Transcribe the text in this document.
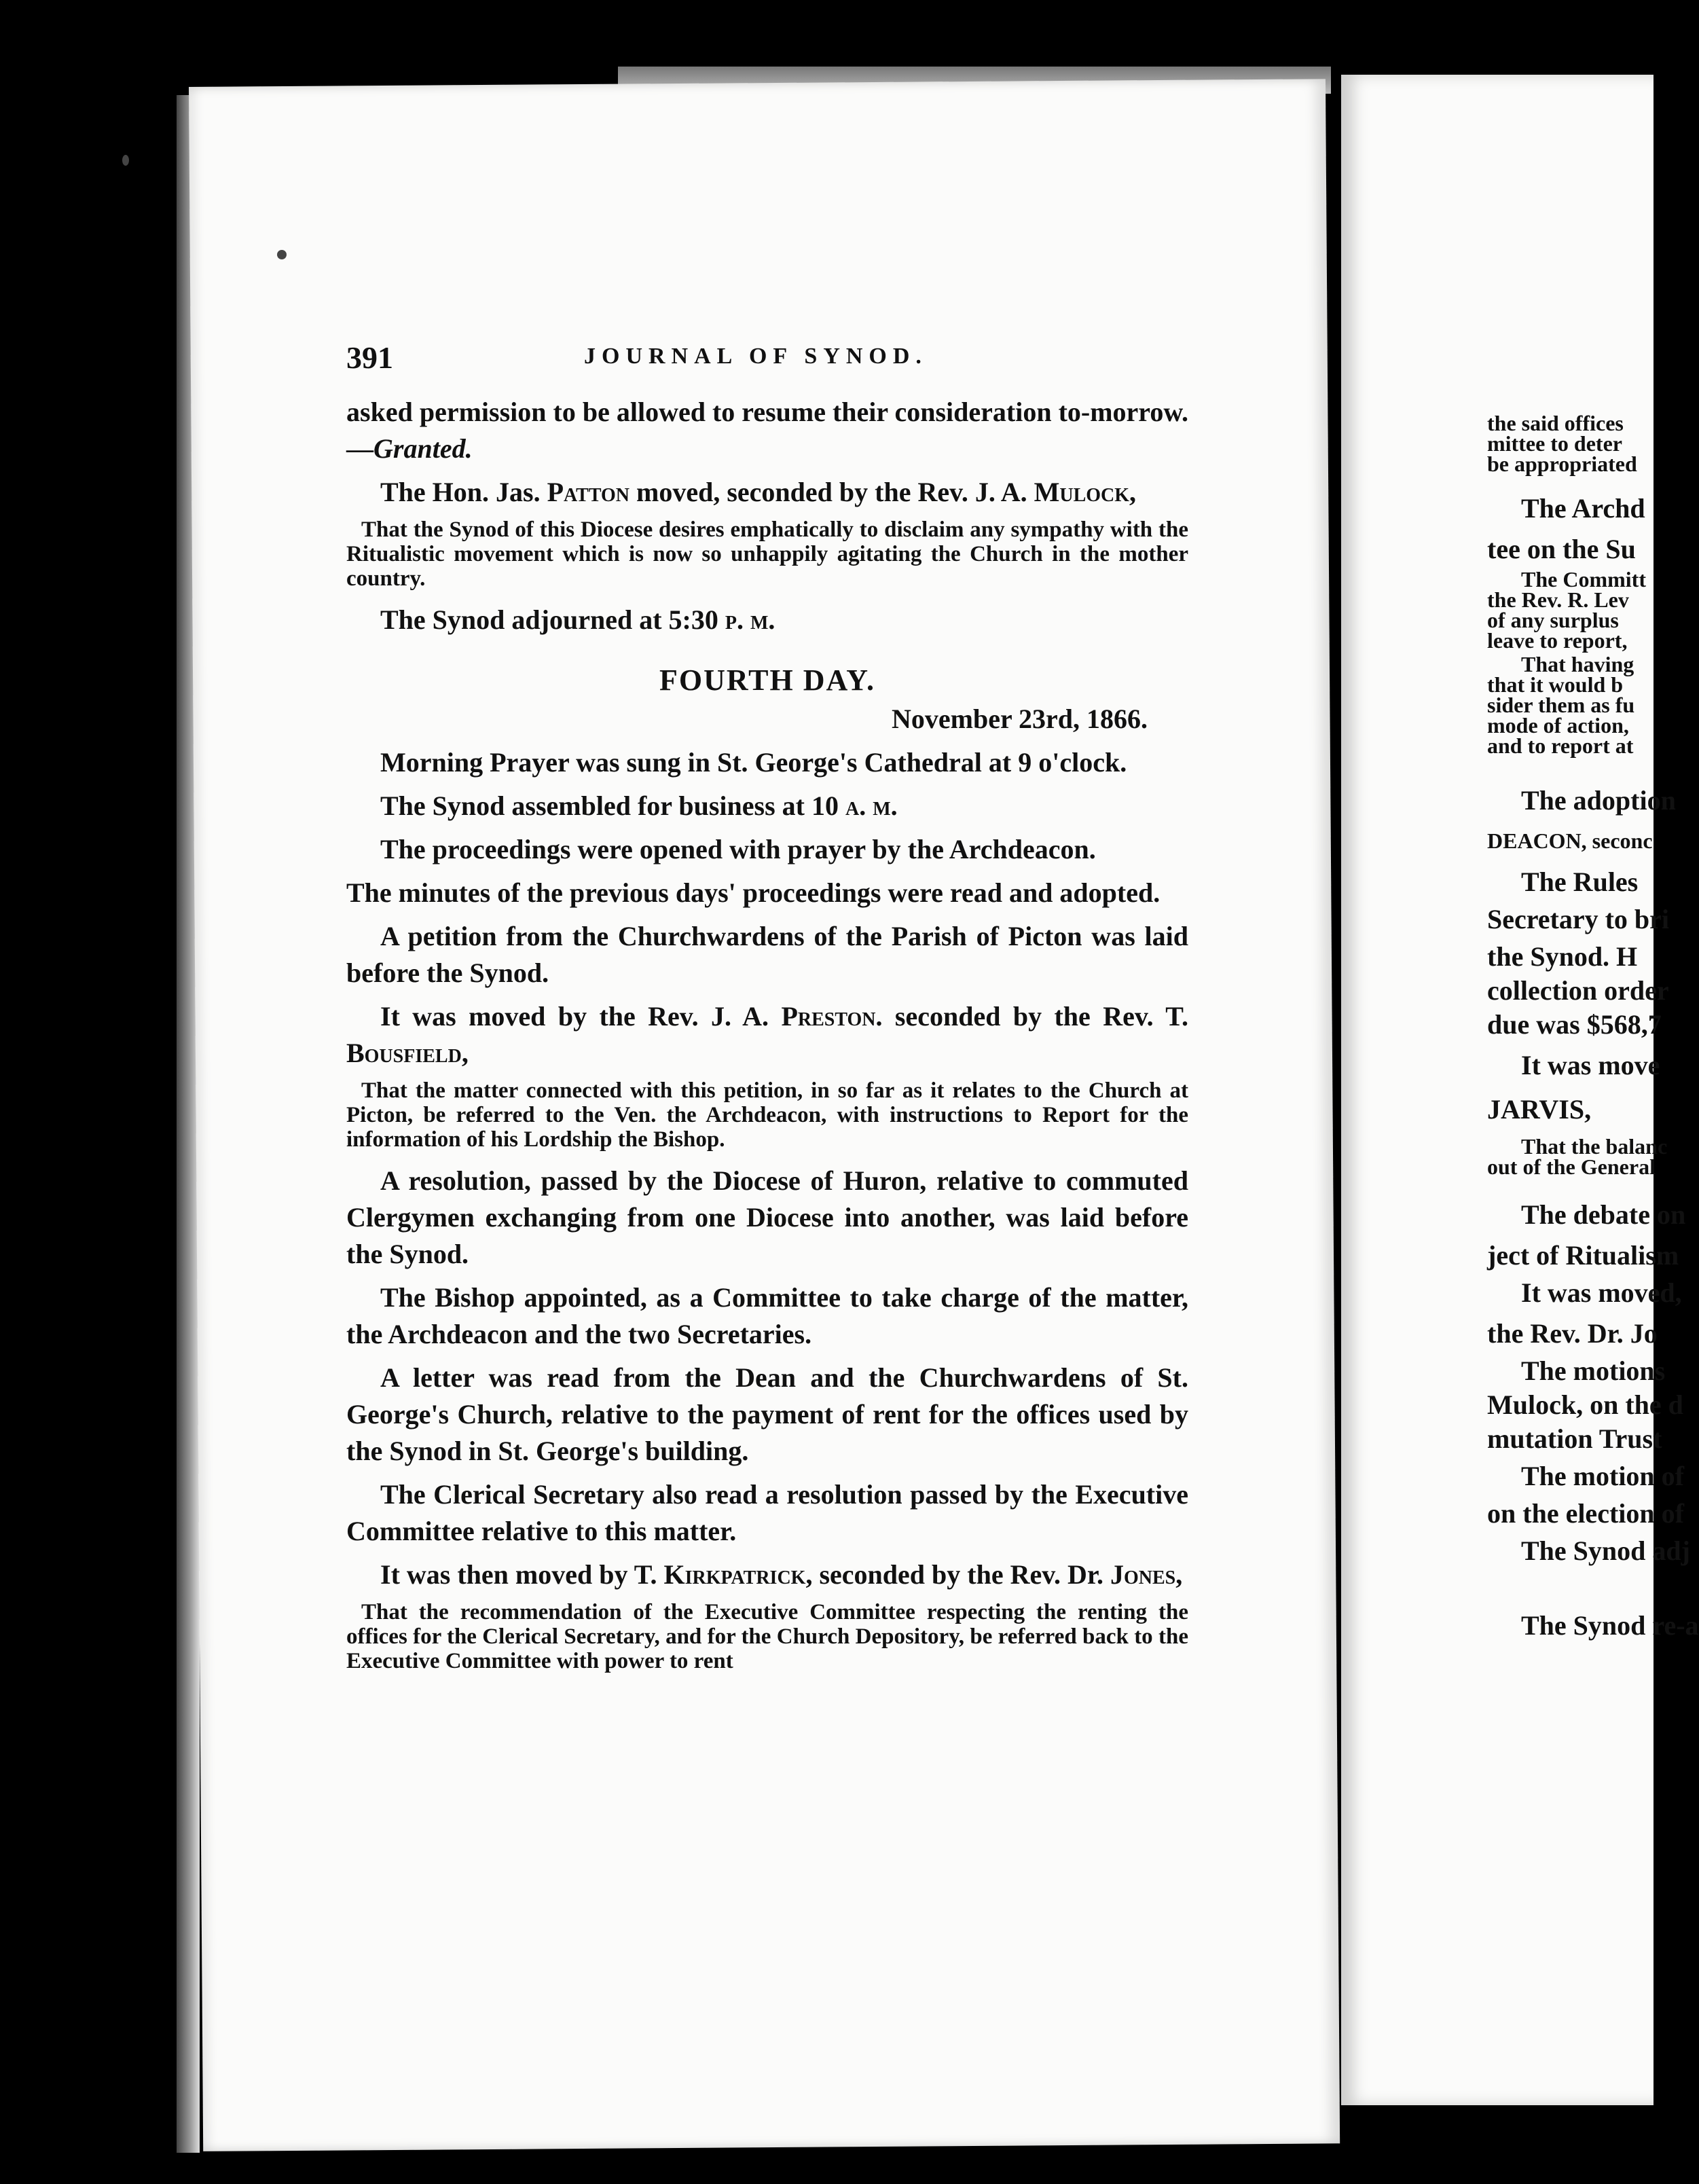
391	JOURNAL OF SYNOD.

asked permission to be allowed to resume their consideration to-morrow.—Granted.

The Hon. Jas. Patton moved, seconded by the Rev. J. A. Mulock,

That the Synod of this Diocese desires emphatically to disclaim any sympathy with the Ritualistic movement which is now so unhappily agitating the Church in the mother country.

The Synod adjourned at 5:30 p. m.

FOURTH DAY.

November 23rd, 1866.

Morning Prayer was sung in St. George's Cathedral at 9 o'clock.

The Synod assembled for business at 10 a. m.

The proceedings were opened with prayer by the Archdeacon.

The minutes of the previous days' proceedings were read and adopted.

A petition from the Churchwardens of the Parish of Picton was laid before the Synod.

It was moved by the Rev. J. A. Preston. seconded by the Rev. T. Bousfield,

That the matter connected with this petition, in so far as it relates to the Church at Picton, be referred to the Ven. the Archdeacon, with instructions to Report for the information of his Lordship the Bishop.

A resolution, passed by the Diocese of Huron, relative to commuted Clergymen exchanging from one Diocese into another, was laid before the Synod.

The Bishop appointed, as a Committee to take charge of the matter, the Archdeacon and the two Secretaries.

A letter was read from the Dean and the Churchwardens of St. George's Church, relative to the payment of rent for the offices used by the Synod in St. George's building.

The Clerical Secretary also read a resolution passed by the Executive Committee relative to this matter.

It was then moved by T. Kirkpatrick, seconded by the Rev. Dr. Jones,

That the recommendation of the Executive Committee respecting the renting the offices for the Clerical Secretary, and for the Church Depository, be referred back to the Executive Committee with power to rent

the said offices
mittee to deter
be appropriated
The Archd
tee on the Su
The Committ
the Rev. R. Lev
of any surplus
leave to report,
That having
that it would b
sider them as fu
mode of action,
and to report at
The adoption
DEACON, seconc
The Rules
Secretary to bri
the Synod. H
collection order
due was $568,7
It was move
JARVIS,
That the balanc
out of the General
The debate on
ject of Ritualism
It was moved,
the Rev. Dr. Jo
The motions
Mulock, on the d
mutation Trust
The motion of
on the election of
The Synod adj
The Synod re-a
